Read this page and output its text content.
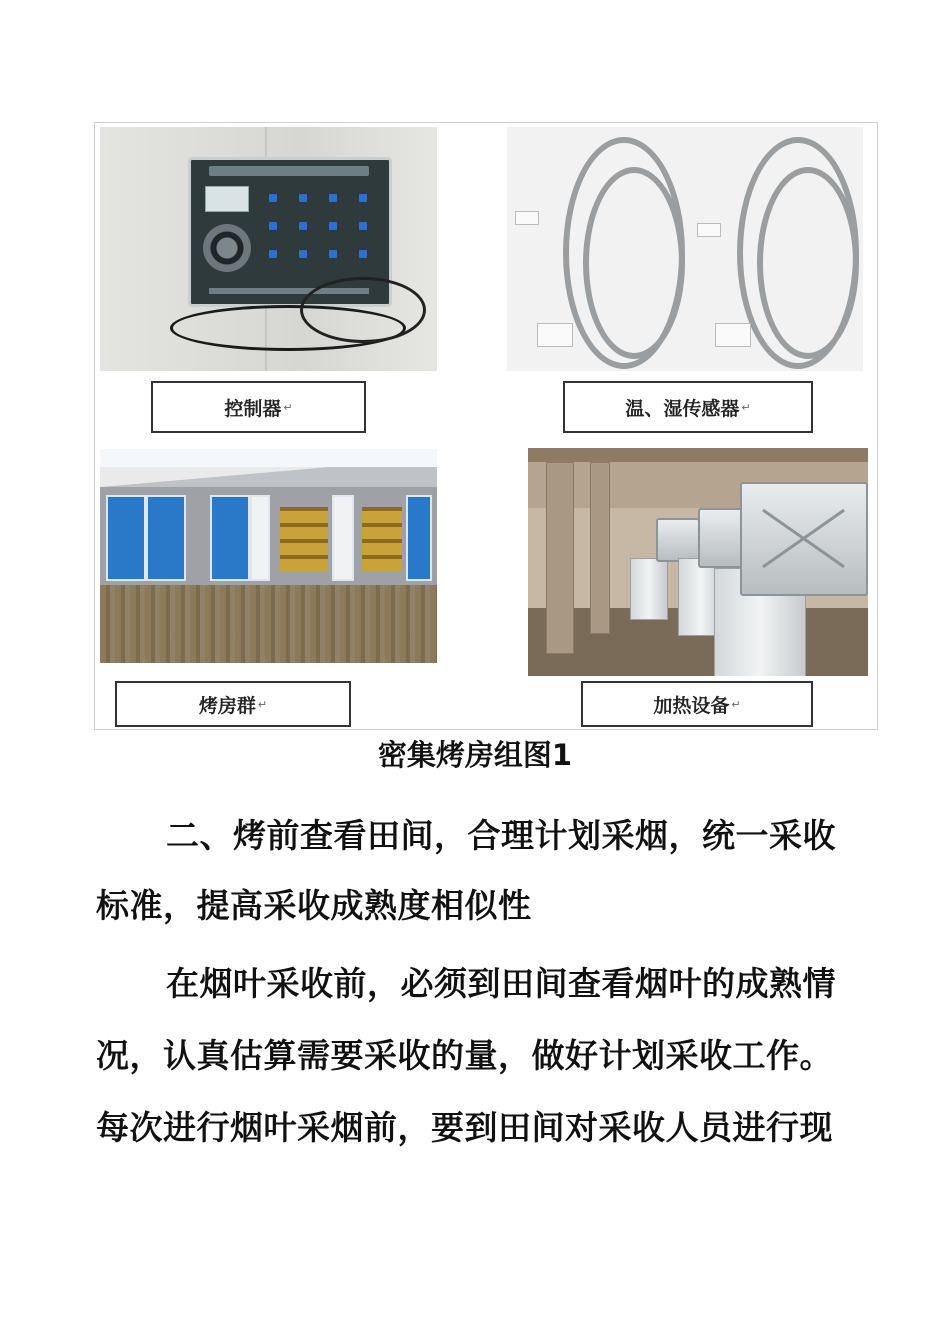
控制器 ↵	温、湿传感器 ↵
烤房群 ↵	加热设备 ↵
密集烤房组图1
二、烤前查看田间，合理计划采烟，统一采收
标准，提高采收成熟度相似性
在烟叶采收前，必须到田间查看烟叶的成熟情
况，认真估算需要采收的量，做好计划采收工作。
每次进行烟叶采烟前，要到田间对采收人员进行现
